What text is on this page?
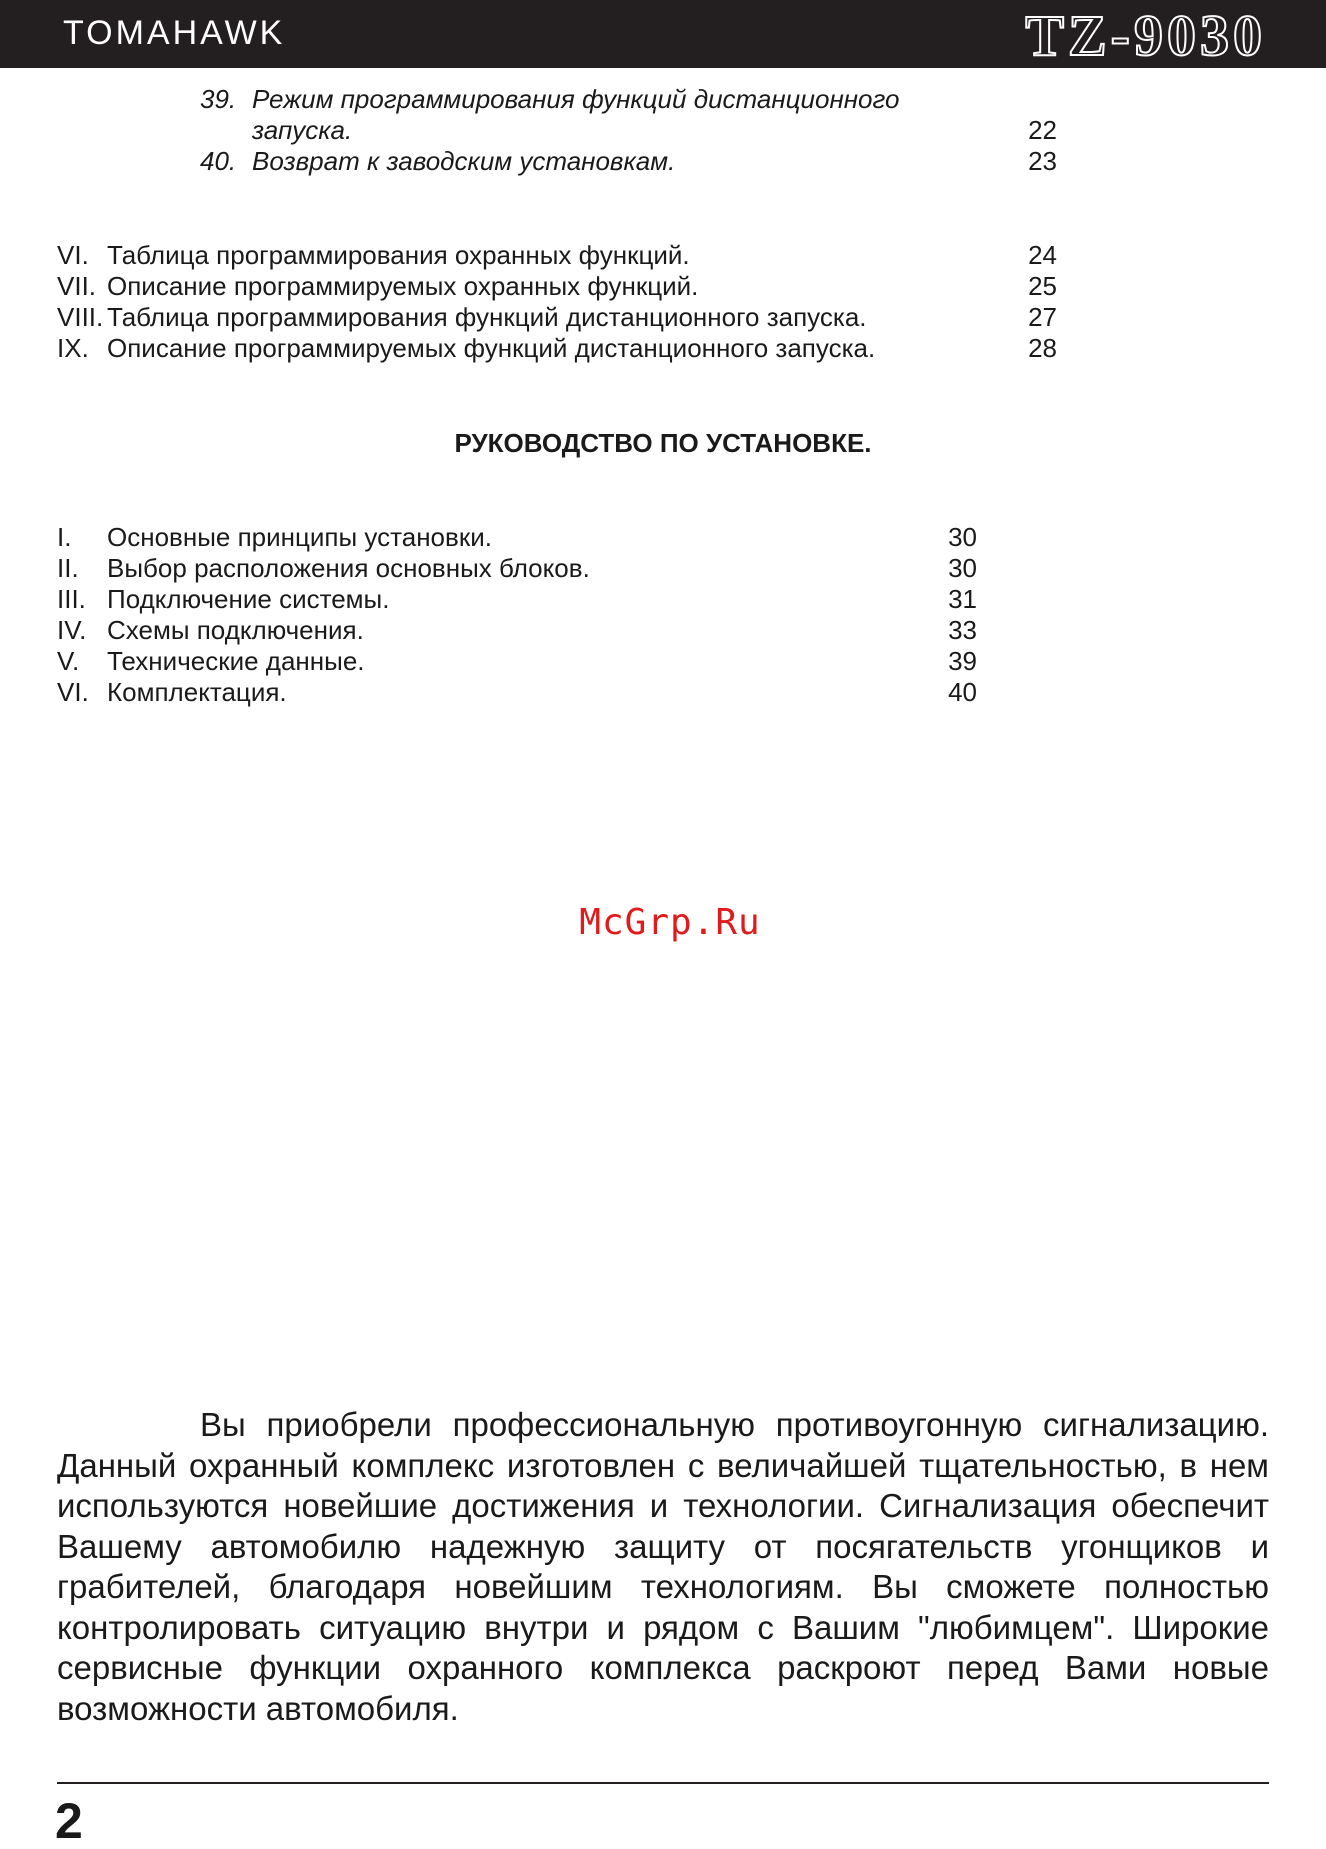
TOMAHAWK	TZ-9030
39. Режим программирования функций дистанционного
запуска.	22
40. Возврат к заводским установкам.	23
VI. Таблица программирования охранных функций.	24
VII. Описание программируемых охранных функций.	25
VIII. Таблица программирования функций дистанционного запуска.	27
IX. Описание программируемых функций дистанционного запуска.	28
РУКОВОДСТВО ПО УСТАНОВКЕ.
I. Основные принципы установки.	30
II. Выбор расположения основных блоков.	30
III. Подключение системы.	31
IV. Схемы подключения.	33
V. Технические данные.	39
VI. Комплектация.	40
McGrp.Ru

Вы приобрели профессиональную противоугонную сигнализацию. Данный охранный комплекс изготовлен с величайшей тщательностью, в нем используются новейшие достижения и технологии. Сигнализация обеспечит Вашему автомобилю надежную защиту от посягательств угонщиков и грабителей, благодаря новейшим технологиям. Вы сможете полностью контролировать ситуацию внутри и рядом с Вашим "любимцем". Широкие сервисные функции охранного комплекса раскроют перед Вами новые возможности автомобиля.

2
